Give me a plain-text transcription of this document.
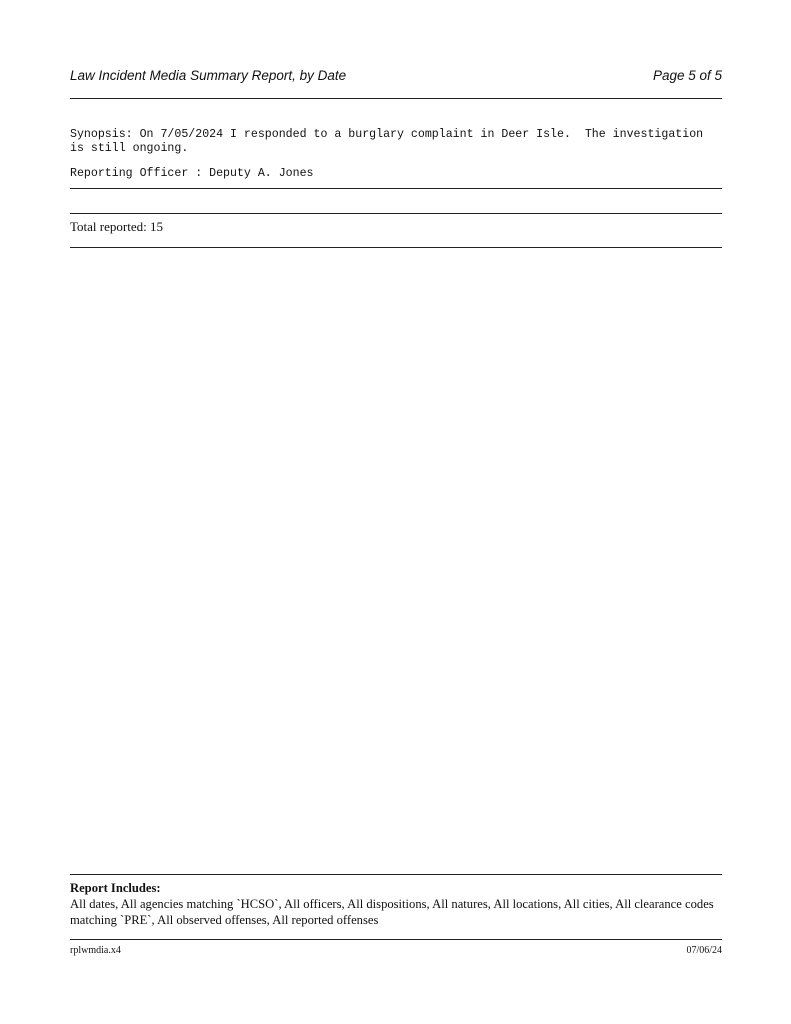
Law Incident Media Summary Report, by Date	Page 5 of 5
Synopsis: On 7/05/2024 I responded to a burglary complaint in Deer Isle.  The investigation
is still ongoing.
Reporting Officer : Deputy A. Jones
Total reported: 15
Report Includes:
All dates, All agencies matching `HCSO`, All officers, All dispositions, All natures, All locations, All cities, All clearance codes matching `PRE`, All observed offenses, All reported offenses
rplwmdia.x4	07/06/24
